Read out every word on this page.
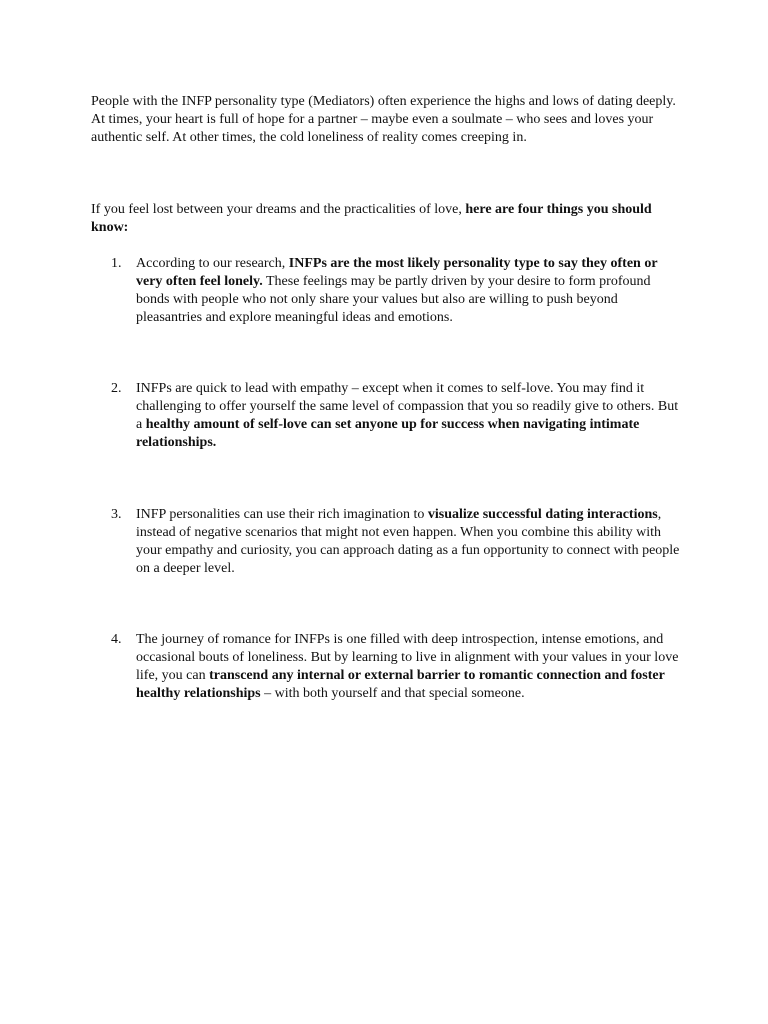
People with the INFP personality type (Mediators) often experience the highs and lows of dating deeply. At times, your heart is full of hope for a partner – maybe even a soulmate – who sees and loves your authentic self. At other times, the cold loneliness of reality comes creeping in.

If you feel lost between your dreams and the practicalities of love, here are four things you should know:

1.	According to our research, INFPs are the most likely personality type to say they often or very often feel lonely. These feelings may be partly driven by your desire to form profound bonds with people who not only share your values but also are willing to push beyond pleasantries and explore meaningful ideas and emotions.
2.	INFPs are quick to lead with empathy – except when it comes to self-love. You may find it challenging to offer yourself the same level of compassion that you so readily give to others. But a healthy amount of self-love can set anyone up for success when navigating intimate relationships.
3.	INFP personalities can use their rich imagination to visualize successful dating interactions, instead of negative scenarios that might not even happen. When you combine this ability with your empathy and curiosity, you can approach dating as a fun opportunity to connect with people on a deeper level.
4.	The journey of romance for INFPs is one filled with deep introspection, intense emotions, and occasional bouts of loneliness. But by learning to live in alignment with your values in your love life, you can transcend any internal or external barrier to romantic connection and foster healthy relationships – with both yourself and that special someone.
